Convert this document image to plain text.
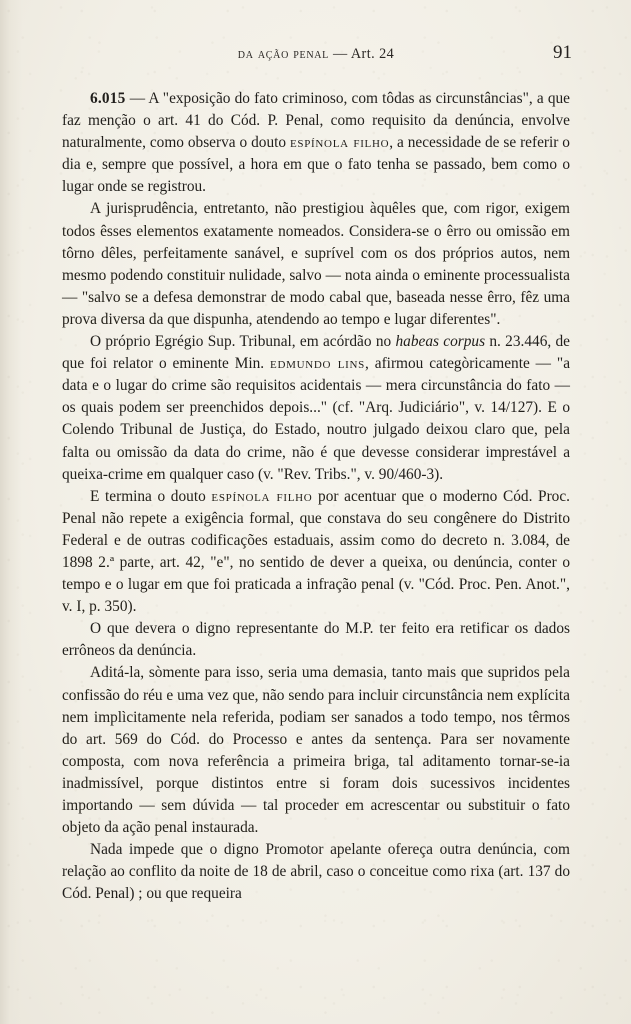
da ação penal — Art. 24	91

6.015 — A "exposição do fato criminoso, com tôdas as circunstâncias", a que faz menção o art. 41 do Cód. P. Penal, como requisito da denúncia, envolve naturalmente, como observa o douto espínola filho, a necessidade de se referir o dia e, sempre que possível, a hora em que o fato tenha se passado, bem como o lugar onde se registrou.

A jurisprudência, entretanto, não prestigiou àquêles que, com rigor, exigem todos êsses elementos exatamente nomeados. Considera-se o êrro ou omissão em tôrno dêles, perfeitamente sanável, e suprível com os dos próprios autos, nem mesmo podendo constituir nulidade, salvo — nota ainda o eminente processualista — "salvo se a defesa demonstrar de modo cabal que, baseada nesse êrro, fêz uma prova diversa da que dispunha, atendendo ao tempo e lugar diferentes".

O próprio Egrégio Sup. Tribunal, em acórdão no habeas corpus n. 23.446, de que foi relator o eminente Min. edmundo lins, afirmou categòricamente — "a data e o lugar do crime são requisitos acidentais — mera circunstância do fato — os quais podem ser preenchidos depois..." (cf. "Arq. Judiciário", v. 14/127). E o Colendo Tribunal de Justiça, do Estado, noutro julgado deixou claro que, pela falta ou omissão da data do crime, não é que devesse considerar imprestável a queixa-crime em qualquer caso (v. "Rev. Tribs.", v. 90/460-3).

E termina o douto espínola filho por acentuar que o moderno Cód. Proc. Penal não repete a exigência formal, que constava do seu congênere do Distrito Federal e de outras codificações estaduais, assim como do decreto n. 3.084, de 1898 2.ª parte, art. 42, "e", no sentido de dever a queixa, ou denúncia, conter o tempo e o lugar em que foi praticada a infração penal (v. "Cód. Proc. Pen. Anot.", v. I, p. 350).

O que devera o digno representante do M.P. ter feito era retificar os dados errôneos da denúncia.

Aditá-la, sòmente para isso, seria uma demasia, tanto mais que supridos pela confissão do réu e uma vez que, não sendo para incluir circunstância nem explícita nem implìcitamente nela referida, podiam ser sanados a todo tempo, nos têrmos do art. 569 do Cód. do Processo e antes da sentença. Para ser novamente composta, com nova referência a primeira briga, tal aditamento tornar-se-ia inadmissível, porque distintos entre si foram dois sucessivos incidentes importando — sem dúvida — tal proceder em acrescentar ou substituir o fato objeto da ação penal instaurada.

Nada impede que o digno Promotor apelante ofereça outra denúncia, com relação ao conflito da noite de 18 de abril, caso o conceitue como rixa (art. 137 do Cód. Penal) ; ou que requeira
